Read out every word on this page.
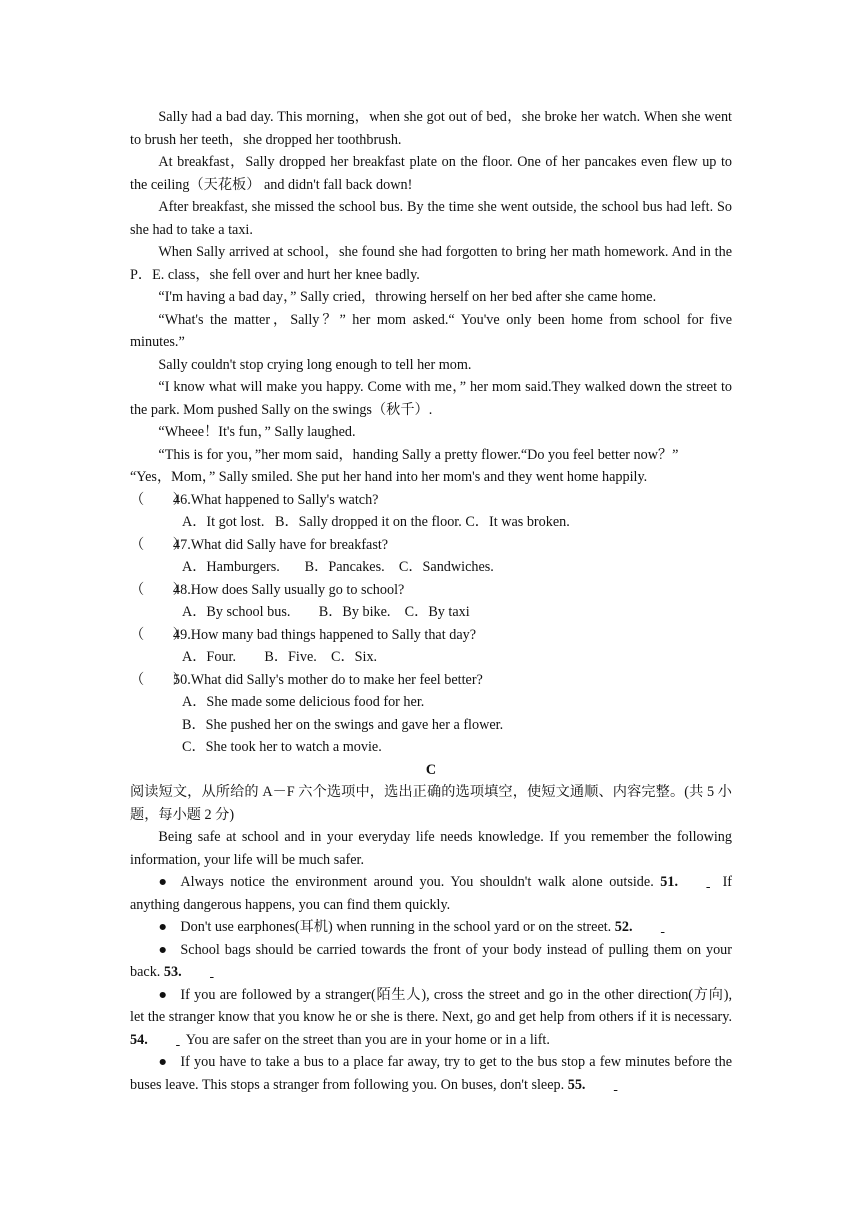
Sally had a bad day. This morning，when she got out of bed，she broke her watch. When she went to brush her teeth，she dropped her toothbrush.

At breakfast，Sally dropped her breakfast plate on the floor. One of her pancakes even flew up to the ceiling（天花板） and didn't fall back down!

After breakfast, she missed the school bus. By the time she went outside, the school bus had left. So she had to take a taxi.

When Sally arrived at school，she found she had forgotten to bring her math homework. And in the P．E. class，she fell over and hurt her knee badly.

“I'm having a bad day，” Sally cried，throwing herself on her bed after she came home.

“What's the matter，Sally？” her mom asked.“ You've only been home from school for five minutes.”

Sally couldn't stop crying long enough to tell her mom.

“I know what will make you happy. Come with me，” her mom said.They walked down the street to the park. Mom pushed Sally on the swings（秋千）.

“Wheee！It's fun，” Sally laughed.

“This is for you，”her mom said，handing Sally a pretty flower.“Do you feel better now？”

“Yes，Mom，” Sally smiled. She put her hand into her mom's and they went home happily.

（　　）46.What happened to Sally's watch?

A．It got lost.   B．Sally dropped it on the floor. C．It was broken.

（　　）47.What did Sally have for breakfast?

A．Hamburgers.       B．Pancakes.    C．Sandwiches.

（　　）48.How does Sally usually go to school?

A．By school bus.        B．By bike.    C．By taxi

（　　）49.How many bad things happened to Sally that day?

A．Four.        B．Five.    C．Six.

（　　）50.What did Sally's mother do to make her feel better?

A．She made some delicious food for her.

B．She pushed her on the swings and gave her a flower.

C．She took her to watch a movie.

C

阅读短文，从所给的 A－F 六个选项中，选出正确的选项填空，使短文通顺、内容完整。(共 5 小题，每小题 2 分)

Being safe at school and in your everyday life needs knowledge. If you remember the following information, your life will be much safer.

● Always notice the environment around you. You shouldn't walk alone outside. 51.	If anything dangerous happens, you can find them quickly.

● Don't use earphones(耳机) when running in the school yard or on the street. 52.

● School bags should be carried towards the front of your body instead of pulling them on your back. 53.

● If you are followed by a stranger(陌生人), cross the street and go in the other direction(方向), let the stranger know that you know he or she is there. Next, go and get help from others if it is necessary. 54.	You are safer on the street than you are in your home or in a lift.

● If you have to take a bus to a place far away, try to get to the bus stop a few minutes before the buses leave. This stops a stranger from following you. On buses, don't sleep. 55.
